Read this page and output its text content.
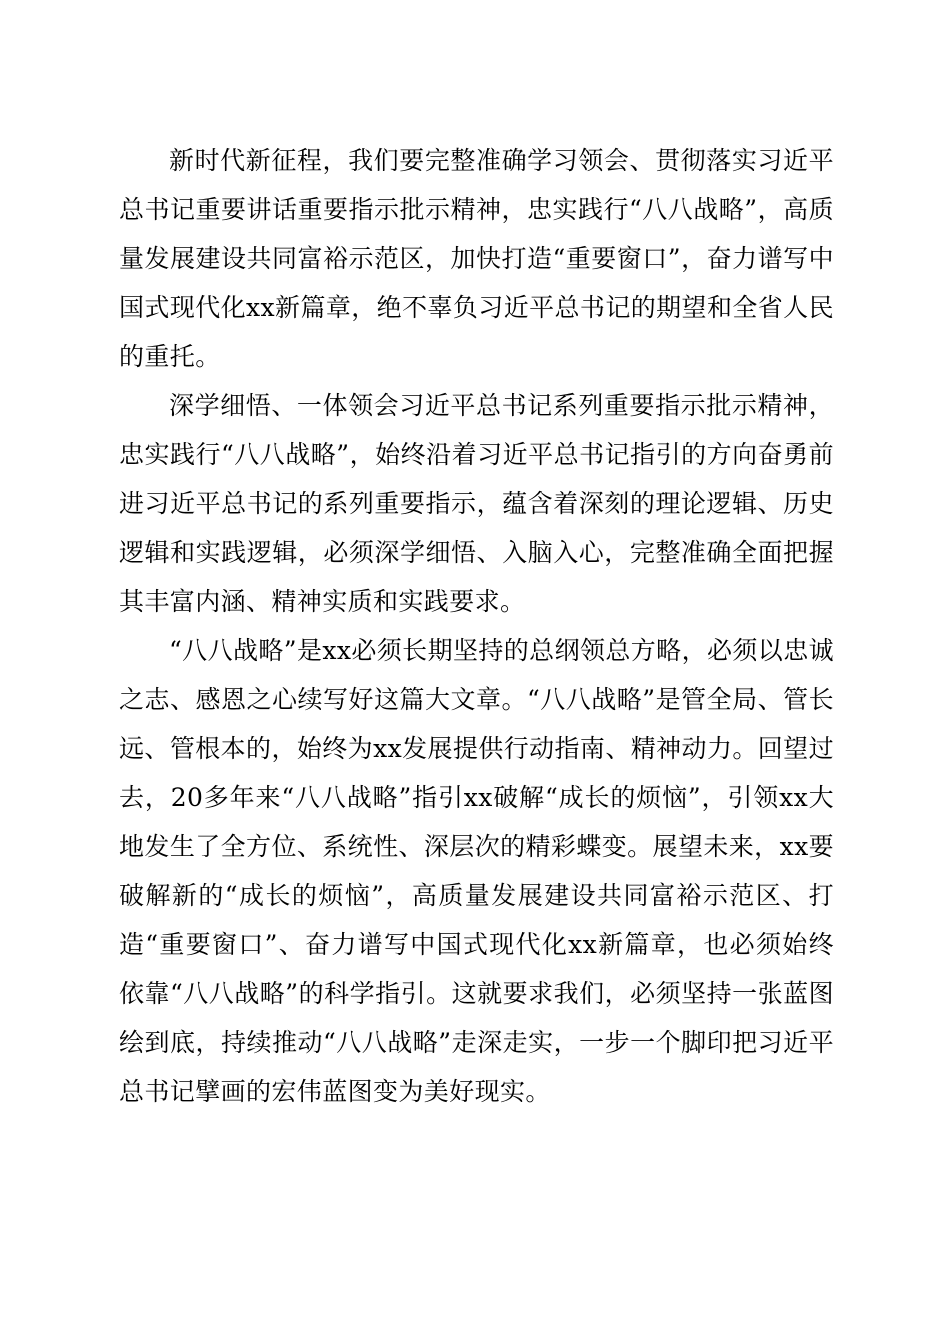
新时代新征程，我们要完整准确学习领会、贯彻落实习近平总书记重要讲话重要指示批示精神，忠实践行“八八战略”，高质量发展建设共同富裕示范区，加快打造“重要窗口”，奋力谱写中国式现代化xx新篇章，绝不辜负习近平总书记的期望和全省人民的重托。

深学细悟、一体领会习近平总书记系列重要指示批示精神，忠实践行“八八战略”，始终沿着习近平总书记指引的方向奋勇前进习近平总书记的系列重要指示，蕴含着深刻的理论逻辑、历史逻辑和实践逻辑，必须深学细悟、入脑入心，完整准确全面把握其丰富内涵、精神实质和实践要求。

“八八战略”是xx必须长期坚持的总纲领总方略，必须以忠诚之志、感恩之心续写好这篇大文章。“八八战略”是管全局、管长远、管根本的，始终为xx发展提供行动指南、精神动力。回望过去，20多年来“八八战略”指引xx破解“成长的烦恼”，引领xx大地发生了全方位、系统性、深层次的精彩蝶变。展望未来，xx要破解新的“成长的烦恼”，高质量发展建设共同富裕示范区、打造“重要窗口”、奋力谱写中国式现代化xx新篇章，也必须始终依靠“八八战略”的科学指引。这就要求我们，必须坚持一张蓝图绘到底，持续推动“八八战略”走深走实，一步一个脚印把习近平总书记擘画的宏伟蓝图变为美好现实。
